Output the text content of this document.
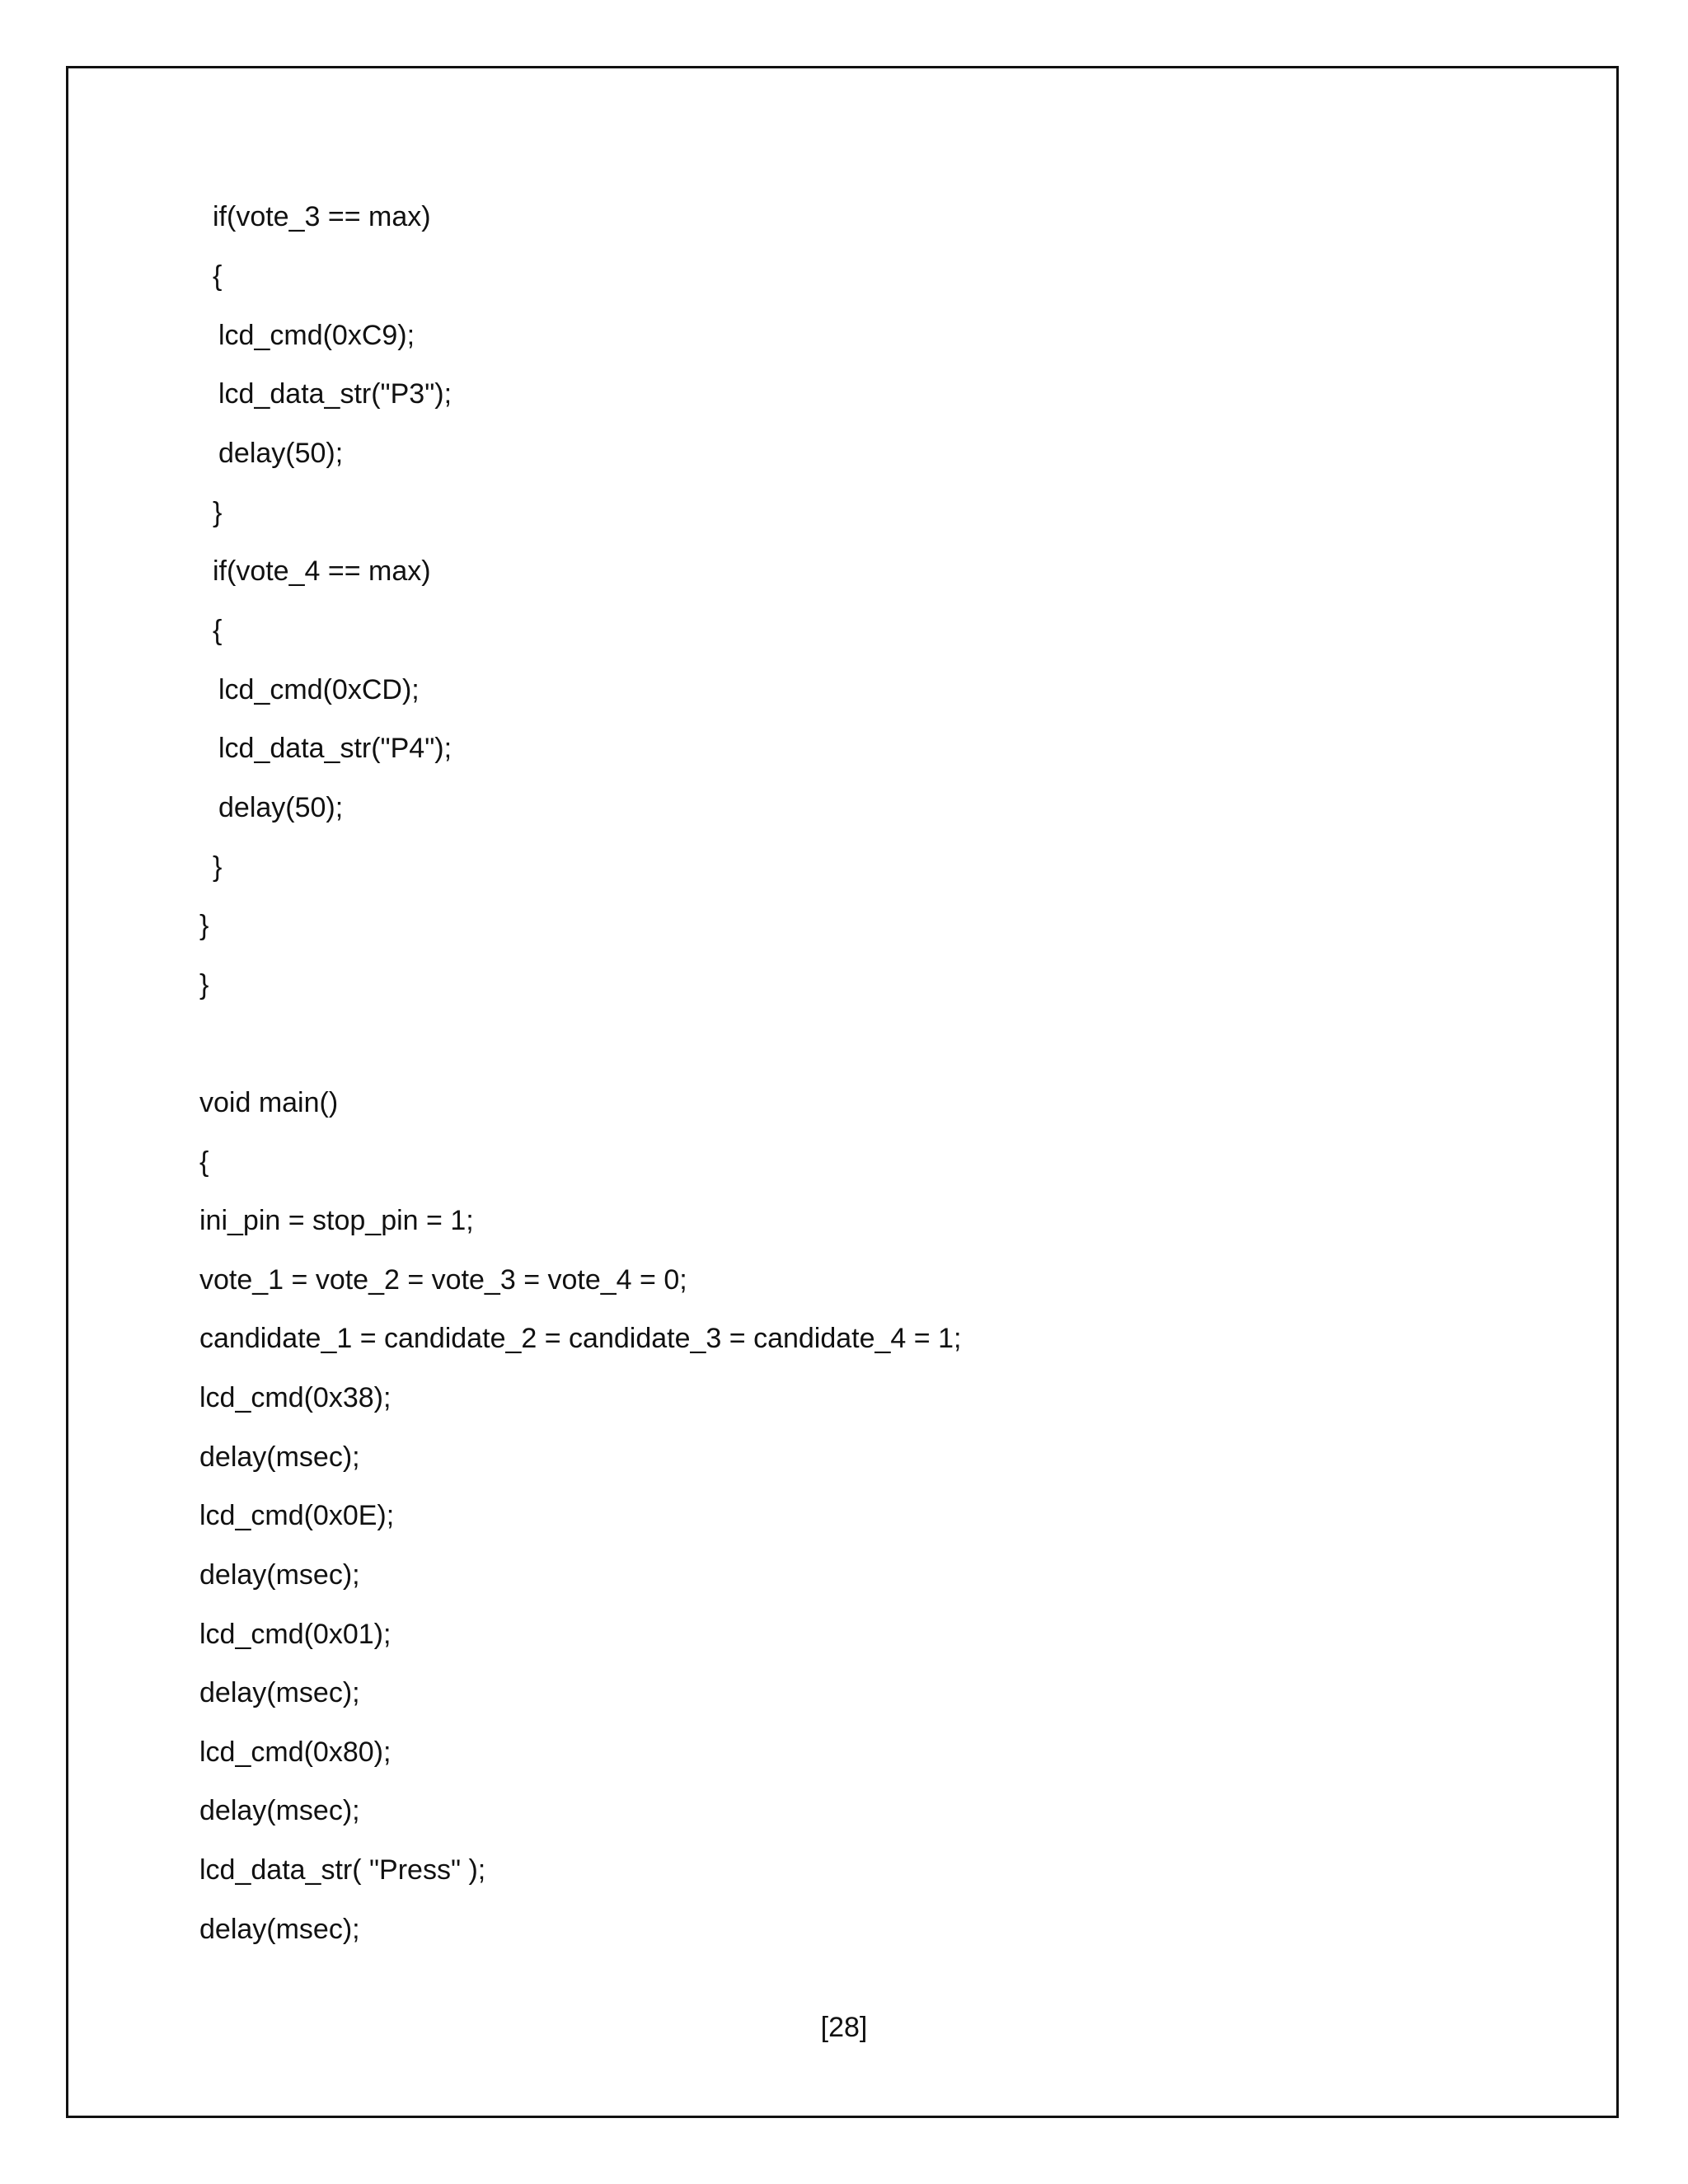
if(vote_3 == max)
{
lcd_cmd(0xC9);
lcd_data_str("P3");
delay(50);
}
if(vote_4 == max)
{
lcd_cmd(0xCD);
lcd_data_str("P4");
delay(50);
}
}
}
void main()
{
ini_pin = stop_pin = 1;
vote_1 = vote_2 = vote_3 = vote_4 = 0;
candidate_1 = candidate_2 = candidate_3 = candidate_4 = 1;
lcd_cmd(0x38);
delay(msec);
lcd_cmd(0x0E);
delay(msec);
lcd_cmd(0x01);
delay(msec);
lcd_cmd(0x80);
delay(msec);
lcd_data_str( "Press" );
delay(msec);
[28]
